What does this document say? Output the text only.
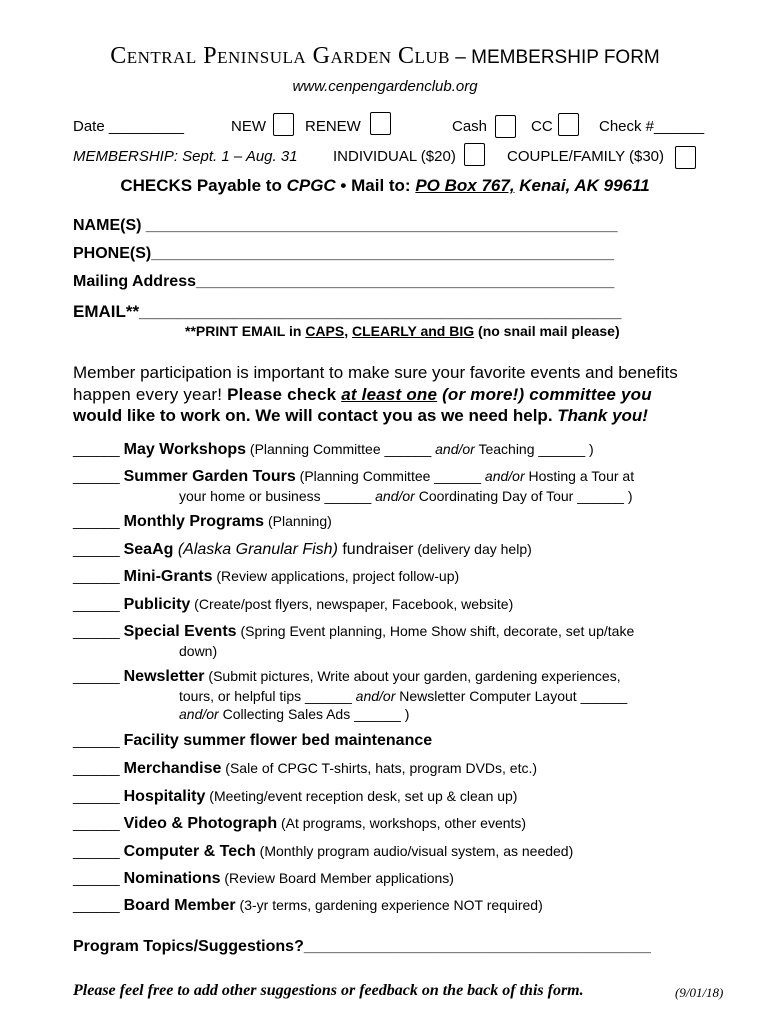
Central Peninsula Garden Club – MEMBERSHIP FORM
www.cenpengardenclub.org
Date _________	NEW	RENEW	Cash	CC	Check #______
MEMBERSHIP: Sept. 1 – Aug. 31 INDIVIDUAL ($20)	COUPLE/FAMILY ($30)
CHECKS Payable to CPGC • Mail to: PO Box 767, Kenai, AK 99611
NAME(S) _____________________________________________________
PHONE(S)____________________________________________________
Mailing Address_______________________________________________
EMAIL**___________________________________________________
**PRINT EMAIL in CAPS, CLEARLY and BIG (no snail mail please)
Member participation is important to make sure your favorite events and benefits
happen every year! Please check at least one (or more!) committee you
would like to work on. We will contact you as we need help. Thank you!
______ May Workshops (Planning Committee ______ and/or Teaching ______ )
______ Summer Garden Tours (Planning Committee ______ and/or Hosting a Tour at
your home or business ______ and/or Coordinating Day of Tour ______ )
______ Monthly Programs (Planning)
______ SeaAg (Alaska Granular Fish) fundraiser (delivery day help)
______ Mini-Grants (Review applications, project follow-up)
______ Publicity (Create/post flyers, newspaper, Facebook, website)
______ Special Events (Spring Event planning, Home Show shift, decorate, set up/take
down)
______ Newsletter (Submit pictures, Write about your garden, gardening experiences,
tours, or helpful tips ______ and/or Newsletter Computer Layout ______
and/or Collecting Sales Ads ______ )
______ Facility summer flower bed maintenance
______ Merchandise (Sale of CPGC T-shirts, hats, program DVDs, etc.)
______ Hospitality (Meeting/event reception desk, set up & clean up)
______ Video & Photograph (At programs, workshops, other events)
______ Computer & Tech (Monthly program audio/visual system, as needed)
______ Nominations (Review Board Member applications)
______ Board Member (3-yr terms, gardening experience NOT required)
Program Topics/Suggestions?_______________________________________
Please feel free to add other suggestions or feedback on the back of this form.	(9/01/18)
